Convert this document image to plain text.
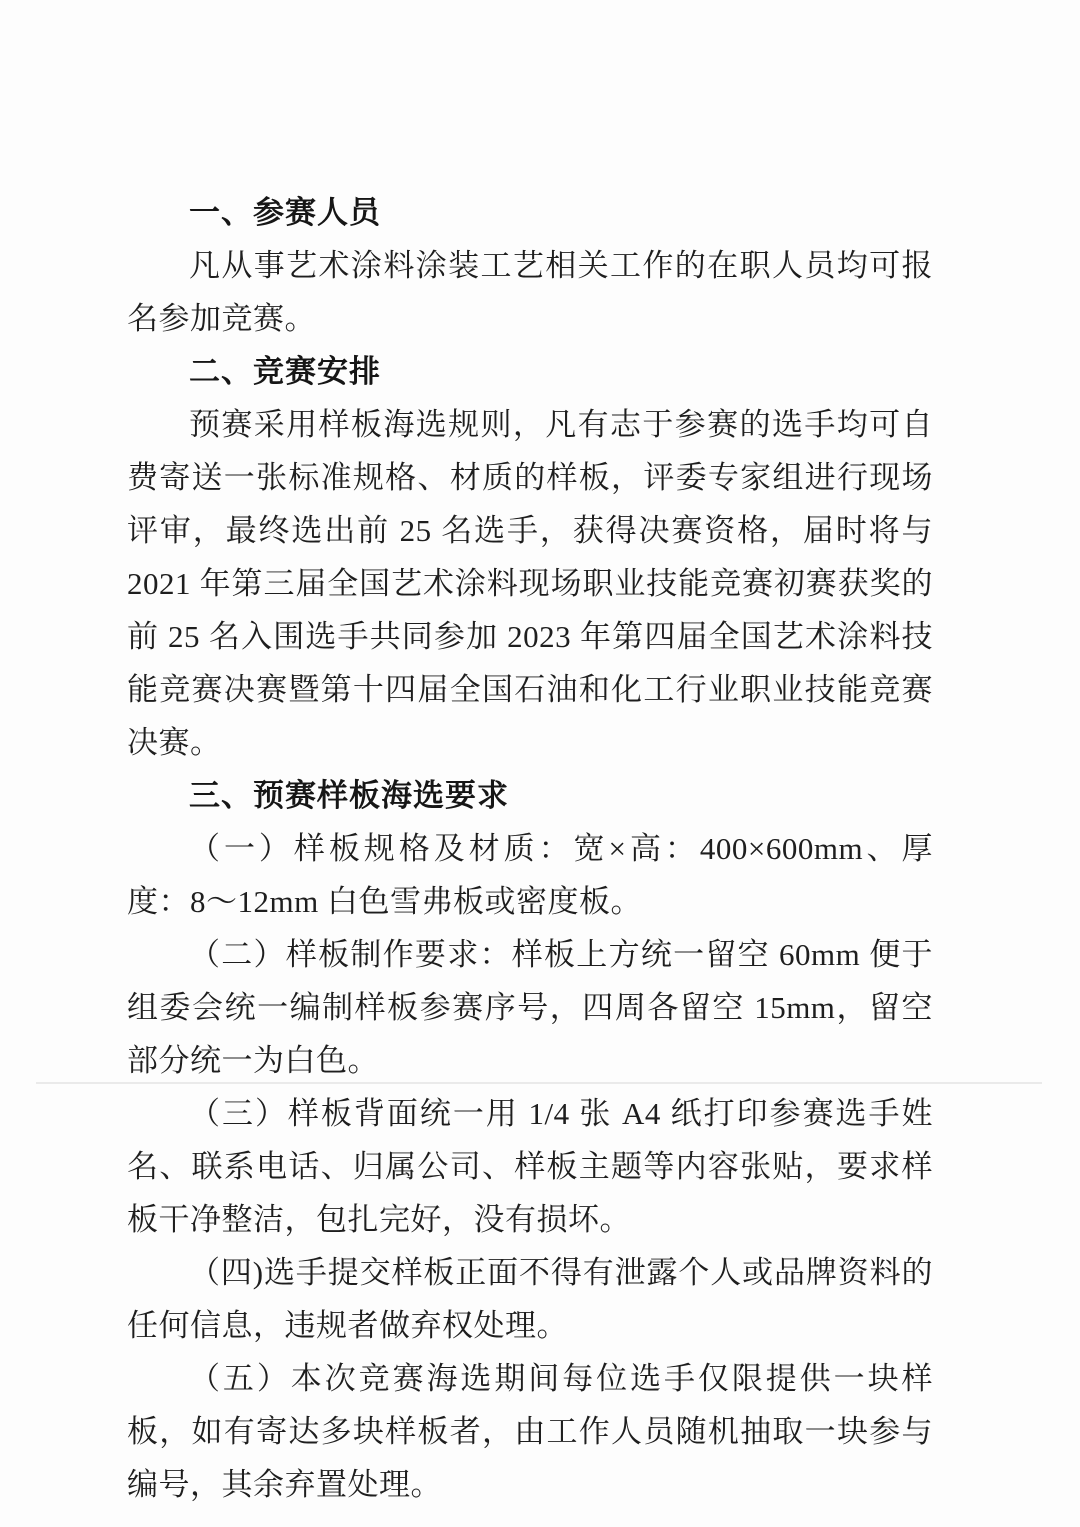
一、参赛人员

凡从事艺术涂料涂装工艺相关工作的在职人员均可报名参加竞赛。

二、竞赛安排

预赛采用样板海选规则，凡有志于参赛的选手均可自费寄送一张标准规格、材质的样板，评委专家组进行现场评审，最终选出前 25 名选手，获得决赛资格，届时将与 2021 年第三届全国艺术涂料现场职业技能竞赛初赛获奖的前 25 名入围选手共同参加 2023 年第四届全国艺术涂料技能竞赛决赛暨第十四届全国石油和化工行业职业技能竞赛决赛。

三、预赛样板海选要求

（一）样板规格及材质：宽×高：400×600mm、厚度：8～12mm 白色雪弗板或密度板。

（二）样板制作要求：样板上方统一留空 60mm 便于组委会统一编制样板参赛序号，四周各留空 15mm，留空部分统一为白色。

（三）样板背面统一用 1/4 张 A4 纸打印参赛选手姓名、联系电话、归属公司、样板主题等内容张贴，要求样板干净整洁，包扎完好，没有损坏。

（四)选手提交样板正面不得有泄露个人或品牌资料的任何信息，违规者做弃权处理。

（五）本次竞赛海选期间每位选手仅限提供一块样板，如有寄达多块样板者，由工作人员随机抽取一块参与编号，其余弃置处理。
